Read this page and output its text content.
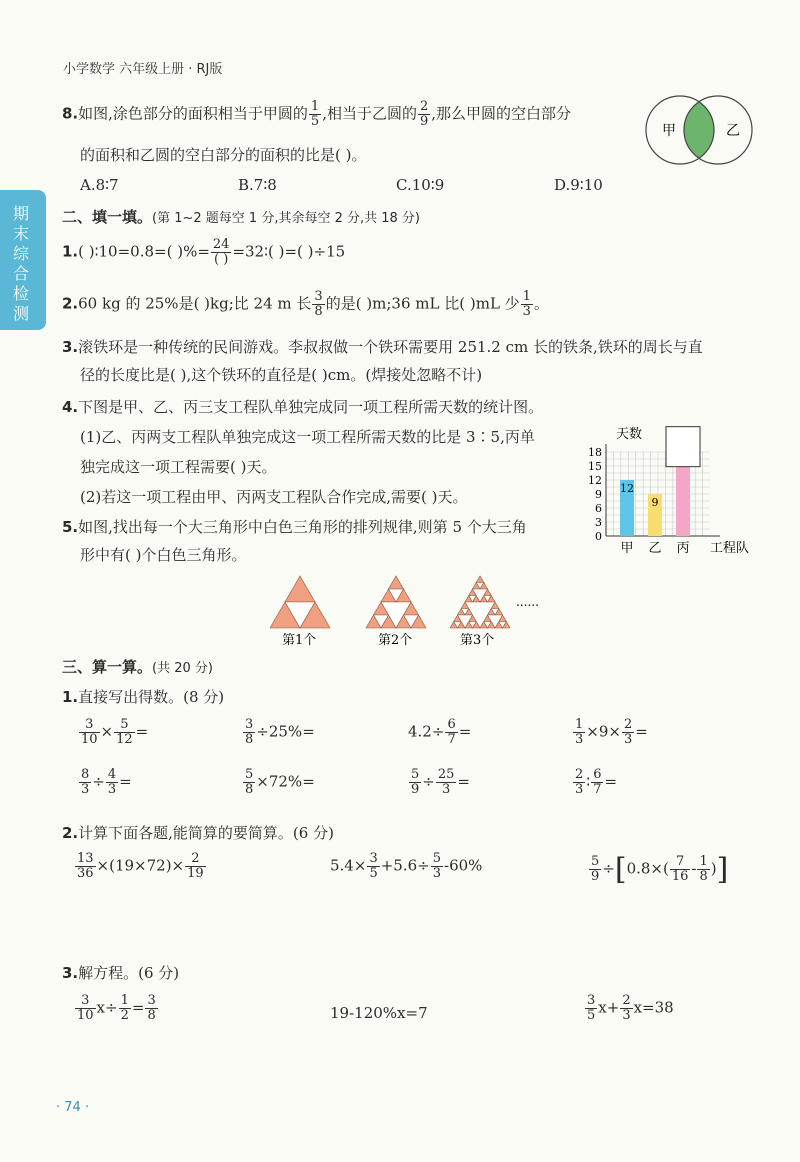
小学数学 六年级上册 · RJ版
期末综合检测
8.如图,涂色部分的面积相当于甲圆的 $\frac{1}{5}$ ,相当于乙圆的 $\frac{2}{9}$ ,那么甲圆的空白部分
的面积和乙圆的空白部分的面积的比是( )。
甲	乙
A.8∶7	B.7∶8	C.10∶9	D.9∶10
二、填一填。(第 1~2 题每空 1 分,其余每空 2 分,共 18 分)
1.( )∶10=0.8=( )%= $\frac{24}{( )}$ =32∶( )=( )÷15
2.60 kg 的 25%是( )kg;比 24 m 长 $\frac{3}{8}$ 的是( )m;36 mL 比( )mL 少 $\frac{1}{3}$ 。
3.滚铁环是一种传统的民间游戏。李叔叔做一个铁环需要用 251.2 cm 长的铁条,铁环的周长与直
径的长度比是( ),这个铁环的直径是( )cm。(焊接处忽略不计)
4.下图是甲、乙、丙三支工程队单独完成同一项工程所需天数的统计图。
(1)乙、丙两支工程队单独完成这一项工程所需天数的比是 3∶5,丙单
独完成这一项工程需要( )天。
(2)若这一项工程由甲、丙两支工程队合作完成,需要( )天。
5.如图,找出每一个大三角形中白色三角形的排列规律,则第 5 个大三角
形中有( )个白色三角形。
天数
0
3
6
9
12
15
18
甲
12
乙
9
丙 工程队
第1个	第2个	第3个
......
三、算一算。(共 20 分)
1.直接写出得数。(8 分)
$\frac{3}{10} \times \frac{5}{12}$ =	$\frac{3}{8} \div 25\%=$	$4.2\div \frac{6}{7}$ =	$\frac{1}{3} \times 9\times \frac{2}{3}$ =
$\frac{8}{3} \div \frac{4}{3}$ =	$\frac{5}{8} \times 72\%=$	$\frac{5}{9} \div \frac{25}{3}$ =	$\frac{2}{3}$ ∶ $\frac{6}{7}$ =
2.计算下面各题,能简算的要简算。(6 分)
$\frac{13}{36} \times(19\times 72)\times \frac{2}{19}$	$5.4\times \frac{3}{5} +5.6\div \frac{5}{3} -60\%$	$\frac{5}{9} \div[0.8\times( \frac{7}{16} - \frac{1}{8}$ )]
3.解方程。(6 分)
$\frac{3}{10} x\div \frac{1}{2} = \frac{3}{8}$	19-120%x=7	$\frac{3}{5} x+ \frac{2}{3} x=38$
· 74 ·
